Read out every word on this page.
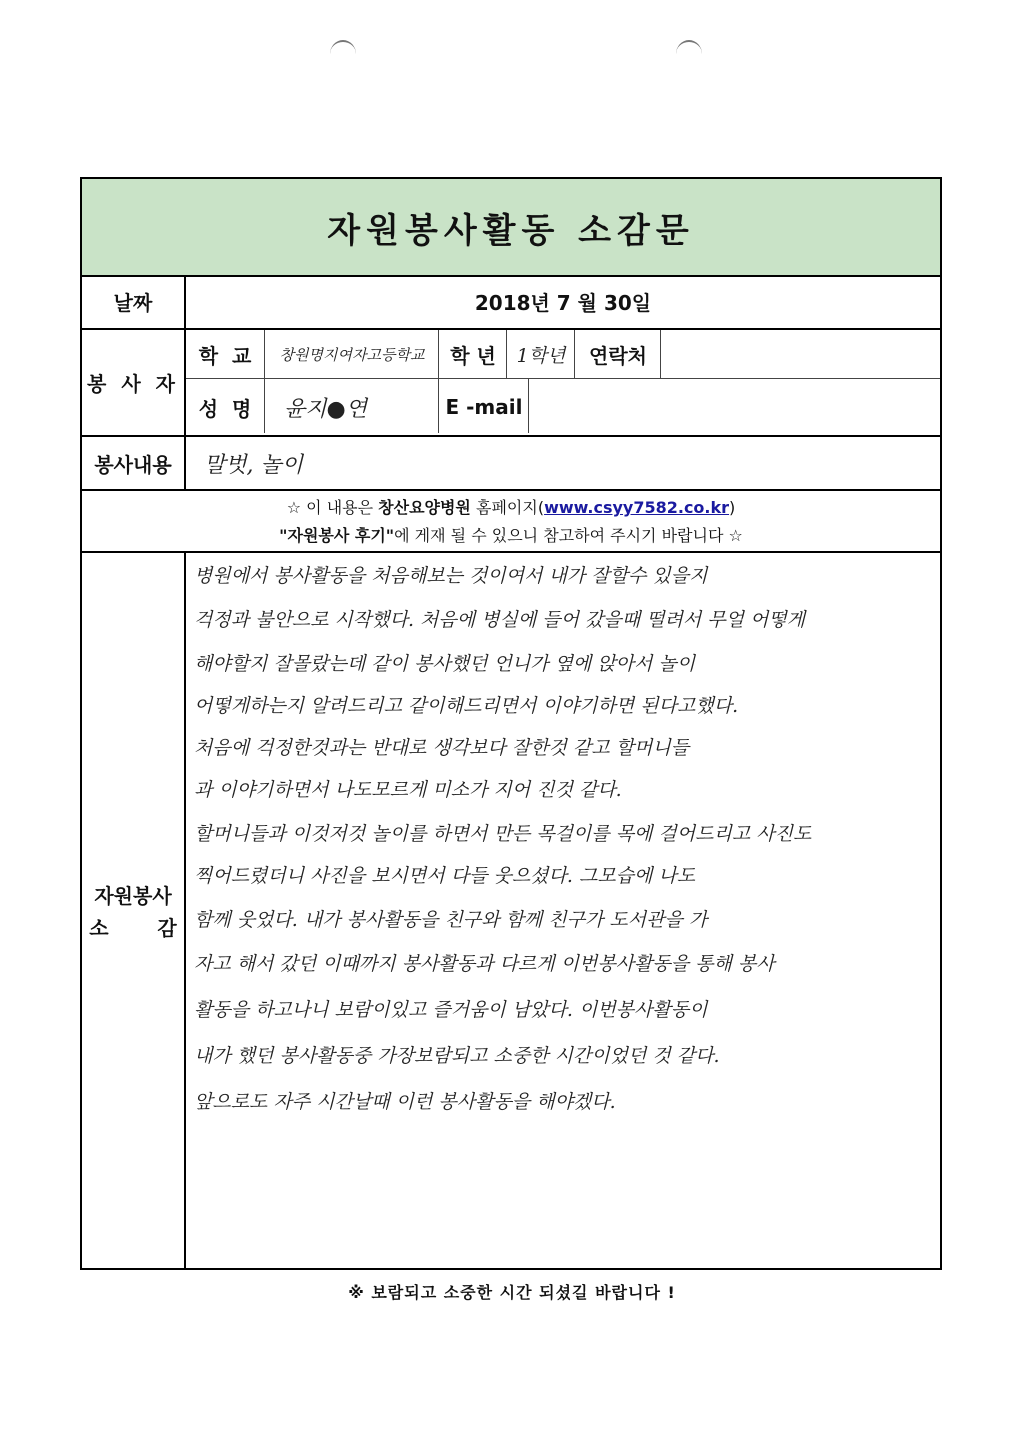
자원봉사활동 소감문
날짜	2018년 7 월 30일
봉 사 자
학  교	창원명지여자고등학교	학 년	1학년	연락처
성  명	윤지●연	E -mail
봉사내용	말벗, 놀이
☆ 이 내용은 창산요양병원 홈페이지(www.csyy7582.co.kr)
"자원봉사 후기"에 게재 될 수 있으니 참고하여 주시기 바랍니다 ☆
자원봉사
소       감
병원에서 봉사활동을 처음해보는 것이여서 내가 잘할수 있을지
걱정과 불안으로 시작했다. 처음에 병실에 들어 갔을때 떨려서 무얼 어떻게
해야할지 잘몰랐는데 같이 봉사했던 언니가 옆에 앉아서 놀이
어떻게하는지 알려드리고 같이해드리면서 이야기하면 된다고했다.
처음에 걱정한것과는 반대로 생각보다 잘한것 같고 할머니들
과 이야기하면서 나도모르게 미소가 지어 진것 같다.
할머니들과 이것저것 놀이를 하면서 만든 목걸이를 목에 걸어드리고 사진도
찍어드렸더니 사진을 보시면서 다들 웃으셨다. 그모습에 나도
함께 웃었다. 내가 봉사활동을 친구와 함께 친구가 도서관을 가
자고 해서 갔던 이때까지 봉사활동과 다르게 이번봉사활동을 통해 봉사
활동을 하고나니 보람이있고 즐거움이 남았다. 이번봉사활동이
내가 했던 봉사활동중 가장보람되고 소중한 시간이었던 것 같다.
앞으로도 자주 시간날때 이런 봉사활동을 해야겠다.
※ 보람되고 소중한 시간 되셨길 바랍니다 !
